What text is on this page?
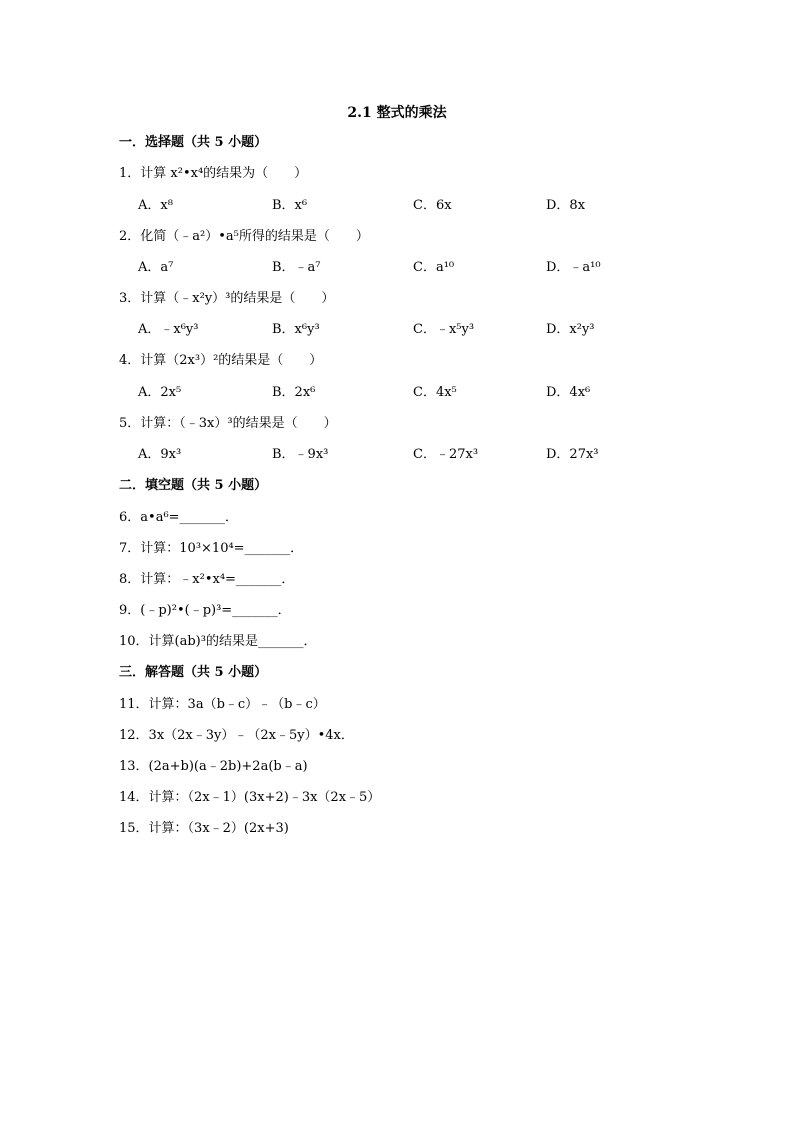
2.1 整式的乘法
一．选择题（共 5 小题）
1．计算 x²•x⁴的结果为（　　）
A．x⁸	B．x⁶	C．6x	D．8x
2．化简（﹣a²）•a⁵所得的结果是（　　）
A．a⁷	B．﹣a⁷	C．a¹⁰	D．﹣a¹⁰
3．计算（﹣x²y）³的结果是（　　）
A．﹣x⁶y³	B．x⁶y³	C．﹣x⁵y³	D．x²y³
4．计算（2x³）²的结果是（　　）
A．2x⁵	B．2x⁶	C．4x⁵	D．4x⁶
5．计算：（﹣3x）³的结果是（　　）
A．9x³	B．﹣9x³	C．﹣27x³	D．27x³
二．填空题（共 5 小题）
6．a•a⁶=_______．
7．计算：10³×10⁴=_______．
8．计算：﹣x²•x⁴=_______．
9．(﹣p)²•(﹣p)³=_______．
10．计算(ab)³的结果是_______．
三．解答题（共 5 小题）
11．计算：3a（b﹣c）﹣（b﹣c）
12．3x（2x﹣3y）﹣（2x﹣5y）•4x．
13．(2a+b)(a﹣2b)+2a(b﹣a)
14．计算：（2x﹣1）(3x+2)﹣3x（2x﹣5）
15．计算：（3x﹣2）(2x+3)
